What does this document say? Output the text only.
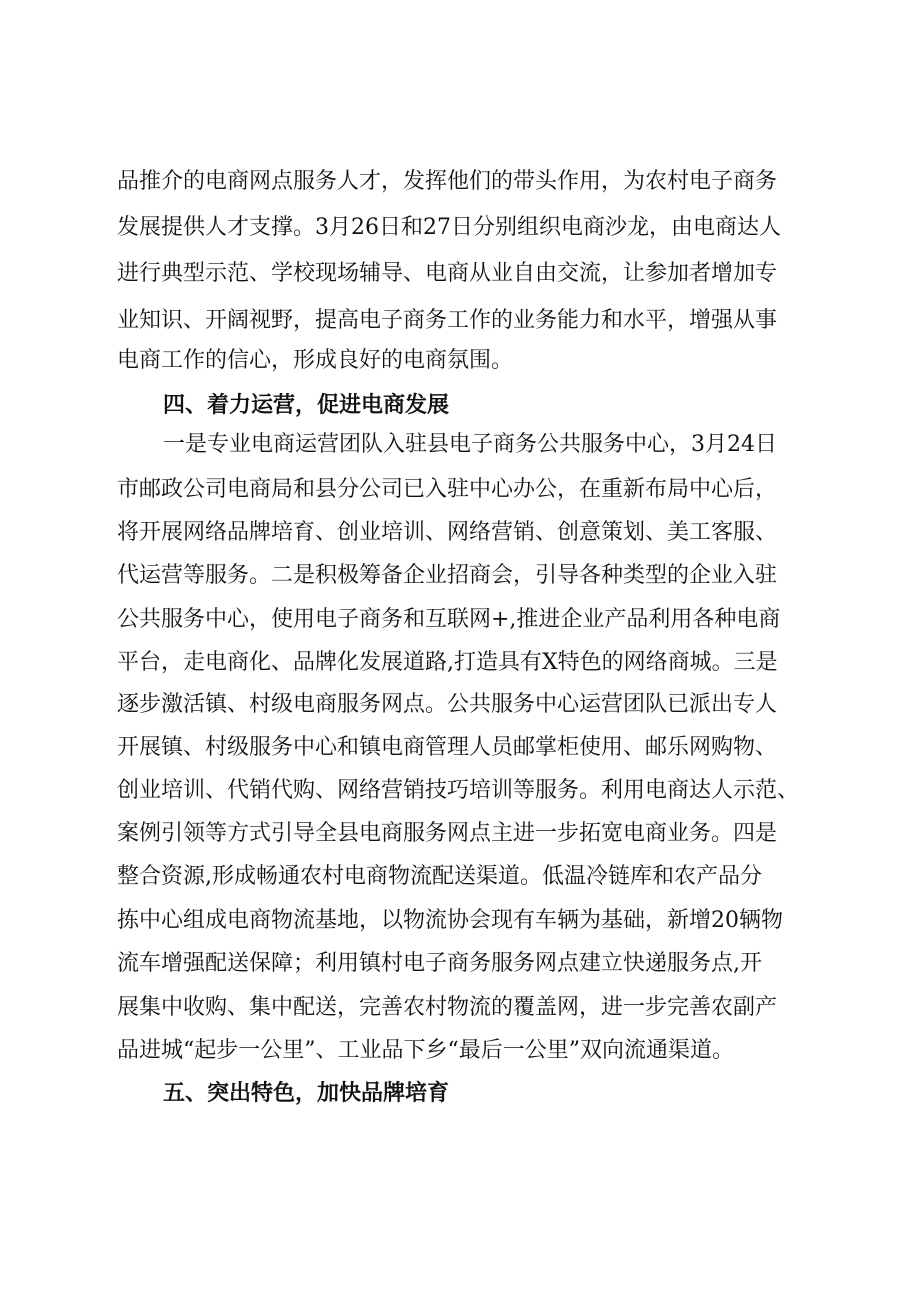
品推介的电商网点服务人才，发挥他们的带头作用，为农村电子商务
发展提供人才支撑。3月26日和27日分别组织电商沙龙，由电商达人
进行典型示范、学校现场辅导、电商从业自由交流，让参加者增加专
业知识、开阔视野，提高电子商务工作的业务能力和水平，增强从事
电商工作的信心，形成良好的电商氛围。
四、着力运营，促进电商发展
一是专业电商运营团队入驻县电子商务公共服务中心，3月24日
市邮政公司电商局和县分公司已入驻中心办公，在重新布局中心后，
将开展网络品牌培育、创业培训、网络营销、创意策划、美工客服、
代运营等服务。二是积极筹备企业招商会，引导各种类型的企业入驻
公共服务中心，使用电子商务和互联网+,推进企业产品利用各种电商
平台，走电商化、品牌化发展道路,打造具有X特色的网络商城。三是
逐步激活镇、村级电商服务网点。公共服务中心运营团队已派出专人
开展镇、村级服务中心和镇电商管理人员邮掌柜使用、邮乐网购物、
创业培训、代销代购、网络营销技巧培训等服务。利用电商达人示范、
案例引领等方式引导全县电商服务网点主进一步拓宽电商业务。四是
整合资源,形成畅通农村电商物流配送渠道。低温冷链库和农产品分
拣中心组成电商物流基地，以物流协会现有车辆为基础，新增20辆物
流车增强配送保障；利用镇村电子商务服务网点建立快递服务点,开
展集中收购、集中配送，完善农村物流的覆盖网，进一步完善农副产
品进城“起步一公里”、工业品下乡“最后一公里”双向流通渠道。
五、突出特色，加快品牌培育
